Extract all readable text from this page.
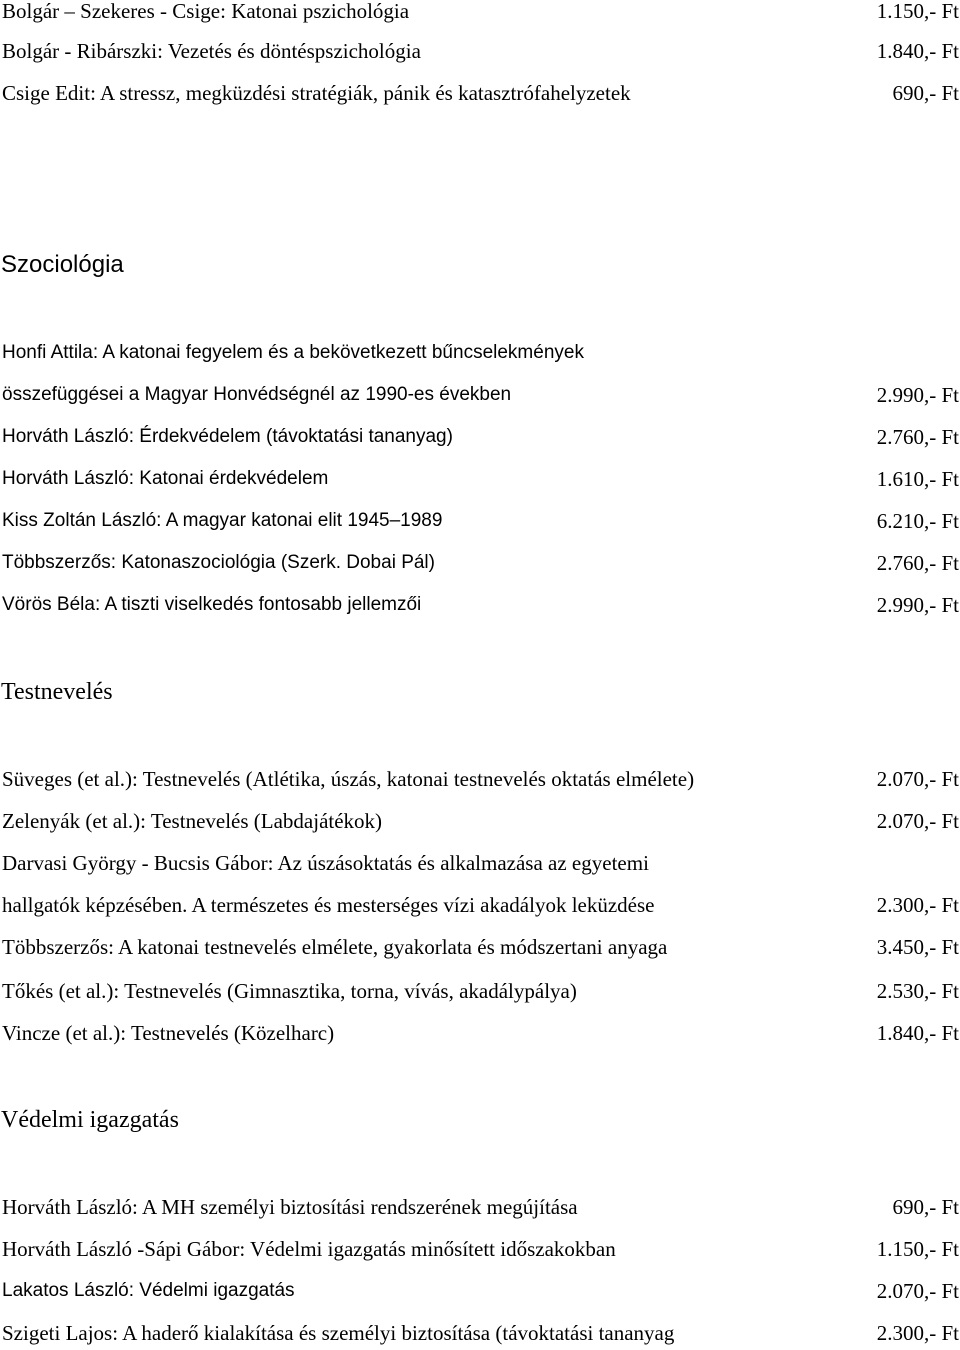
Bolgár – Szekeres - Csige: Katonai pszichológia	1.150,- Ft
Bolgár - Ribárszki: Vezetés és döntéspszichológia	1.840,- Ft
Csige Edit: A stressz, megküzdési stratégiák, pánik és katasztrófahelyzetek	690,- Ft
Szociológia
Honfi Attila: A katonai fegyelem és a bekövetkezett bűncselekmények
összefüggései a Magyar Honvédségnél az 1990-es években	2.990,- Ft
Horváth László: Érdekvédelem (távoktatási tananyag)	2.760,- Ft
Horváth László: Katonai érdekvédelem	1.610,- Ft
Kiss Zoltán László: A magyar katonai elit 1945–1989	6.210,- Ft
Többszerzős: Katonaszociológia (Szerk. Dobai Pál)	2.760,- Ft
Vörös Béla: A tiszti viselkedés fontosabb jellemzői	2.990,- Ft
Testnevelés
Süveges (et al.): Testnevelés (Atlétika, úszás, katonai testnevelés oktatás elmélete)	2.070,- Ft
Zelenyák (et al.): Testnevelés (Labdajátékok)	2.070,- Ft
Darvasi György - Bucsis Gábor: Az úszásoktatás és alkalmazása az egyetemi
hallgatók képzésében. A természetes és mesterséges vízi akadályok leküzdése	2.300,- Ft
Többszerzős: A katonai testnevelés elmélete, gyakorlata és módszertani anyaga	3.450,- Ft
Tőkés (et al.): Testnevelés (Gimnasztika, torna, vívás, akadálypálya)	2.530,- Ft
Vincze (et al.): Testnevelés (Közelharc)	1.840,- Ft
Védelmi igazgatás
Horváth László: A MH személyi biztosítási rendszerének megújítása	690,- Ft
Horváth László -Sápi Gábor: Védelmi igazgatás minősített időszakokban	1.150,- Ft
Lakatos László: Védelmi igazgatás	2.070,- Ft
Szigeti Lajos: A haderő kialakítása és személyi biztosítása (távoktatási tananyag	2.300,- Ft
